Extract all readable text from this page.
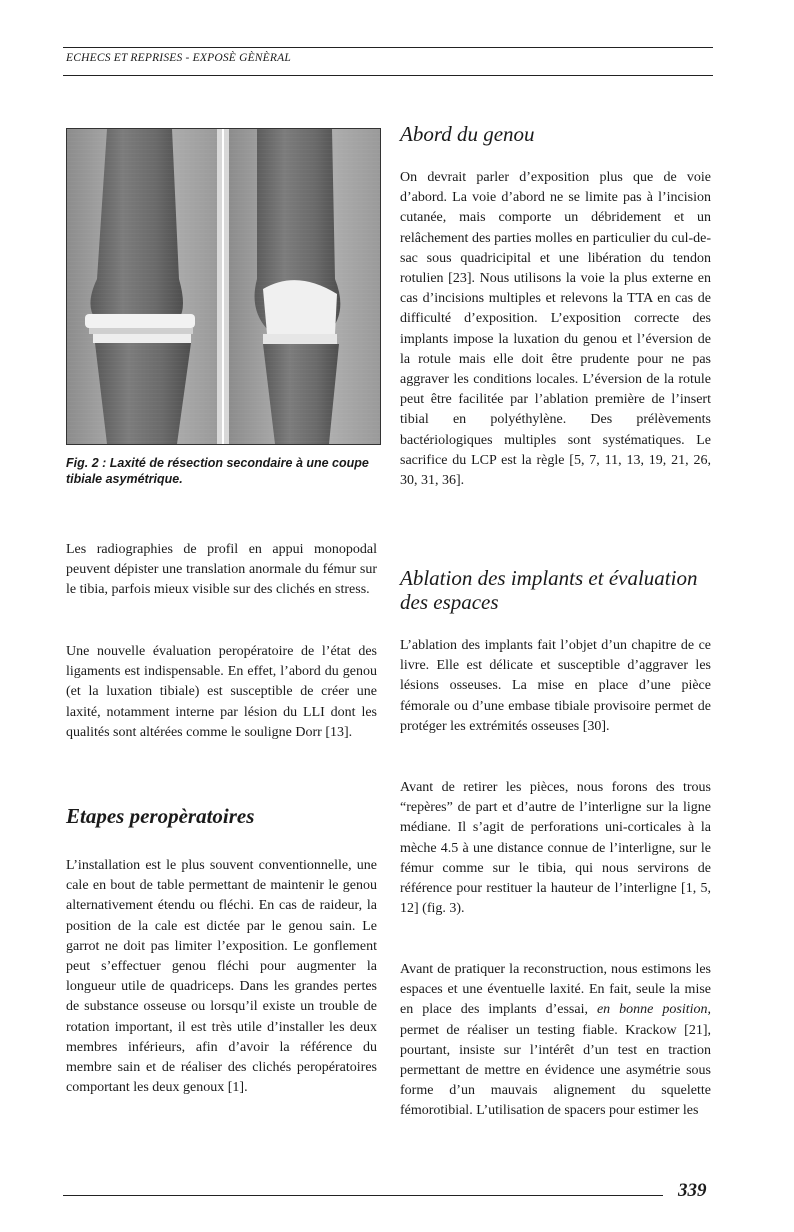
ECHECS ET REPRISES - EXPOSÈ GÈNÈRAL
Fig. 2 : Laxité de résection secondaire à une coupe tibiale asymétrique.

Les radiographies de profil en appui monopodal peuvent dépister une translation anormale du fémur sur le tibia, parfois mieux visible sur des clichés en stress.

Une nouvelle évaluation peropératoire de l’état des ligaments est indispensable. En effet, l’abord du genou (et la luxation tibiale) est susceptible de créer une laxité, notamment interne par lésion du LLI dont les qualités sont altérées comme le souligne Dorr [13].

Etapes peropèratoires

L’installation est le plus souvent conventionnelle, une cale en bout de table permettant de maintenir le genou alternativement étendu ou fléchi. En cas de raideur, la position de la cale est dictée par le genou sain. Le garrot ne doit pas limiter l’exposition. Le gonflement peut s’effectuer genou fléchi pour augmenter la longueur utile de quadriceps. Dans les grandes pertes de substance osseuse ou lorsqu’il existe un trouble de rotation important, il est très utile d’installer les deux membres inférieurs, afin d’avoir la référence du membre sain et de réaliser des clichés peropératoires comportant les deux genoux [1].

Abord du genou

On devrait parler d’exposition plus que de voie d’abord. La voie d’abord ne se limite pas à l’incision cutanée, mais comporte un débridement et un relâchement des parties molles en particulier du cul-de-sac sous quadricipital et une libération du tendon rotulien [23]. Nous utilisons la voie la plus externe en cas d’incisions multiples et relevons la TTA en cas de difficulté d’exposition. L’exposition correcte des implants impose la luxation du genou et l’éversion de la rotule mais elle doit être prudente pour ne pas aggraver les conditions locales. L’éversion de la rotule peut être facilitée par l’ablation première de l’insert tibial en polyéthylène. Des prélèvements bactériologiques multiples sont systématiques. Le sacrifice du LCP est la règle [5, 7, 11, 13, 19, 21, 26, 30, 31, 36].

Ablation des implants et évaluation des espaces

L’ablation des implants fait l’objet d’un chapitre de ce livre. Elle est délicate et susceptible d’aggraver les lésions osseuses. La mise en place d’une pièce fémorale ou d’une embase tibiale provisoire permet de protéger les extrémités osseuses [30].

Avant de retirer les pièces, nous forons des trous “repères” de part et d’autre de l’interligne sur la ligne médiane. Il s’agit de perforations uni-corticales à la mèche 4.5 à une distance connue de l’interligne, sur le fémur comme sur le tibia, qui nous servirons de référence pour restituer la hauteur de l’interligne [1, 5, 12] (fig. 3).

Avant de pratiquer la reconstruction, nous estimons les espaces et une éventuelle laxité. En fait, seule la mise en place des implants d’essai, en bonne position, permet de réaliser un testing fiable. Krackow [21], pourtant, insiste sur l’intérêt d’un test en traction permettant de mettre en évidence une asymétrie sous forme d’un mauvais alignement du squelette fémorotibial. L’utilisation de spacers pour estimer les

339
